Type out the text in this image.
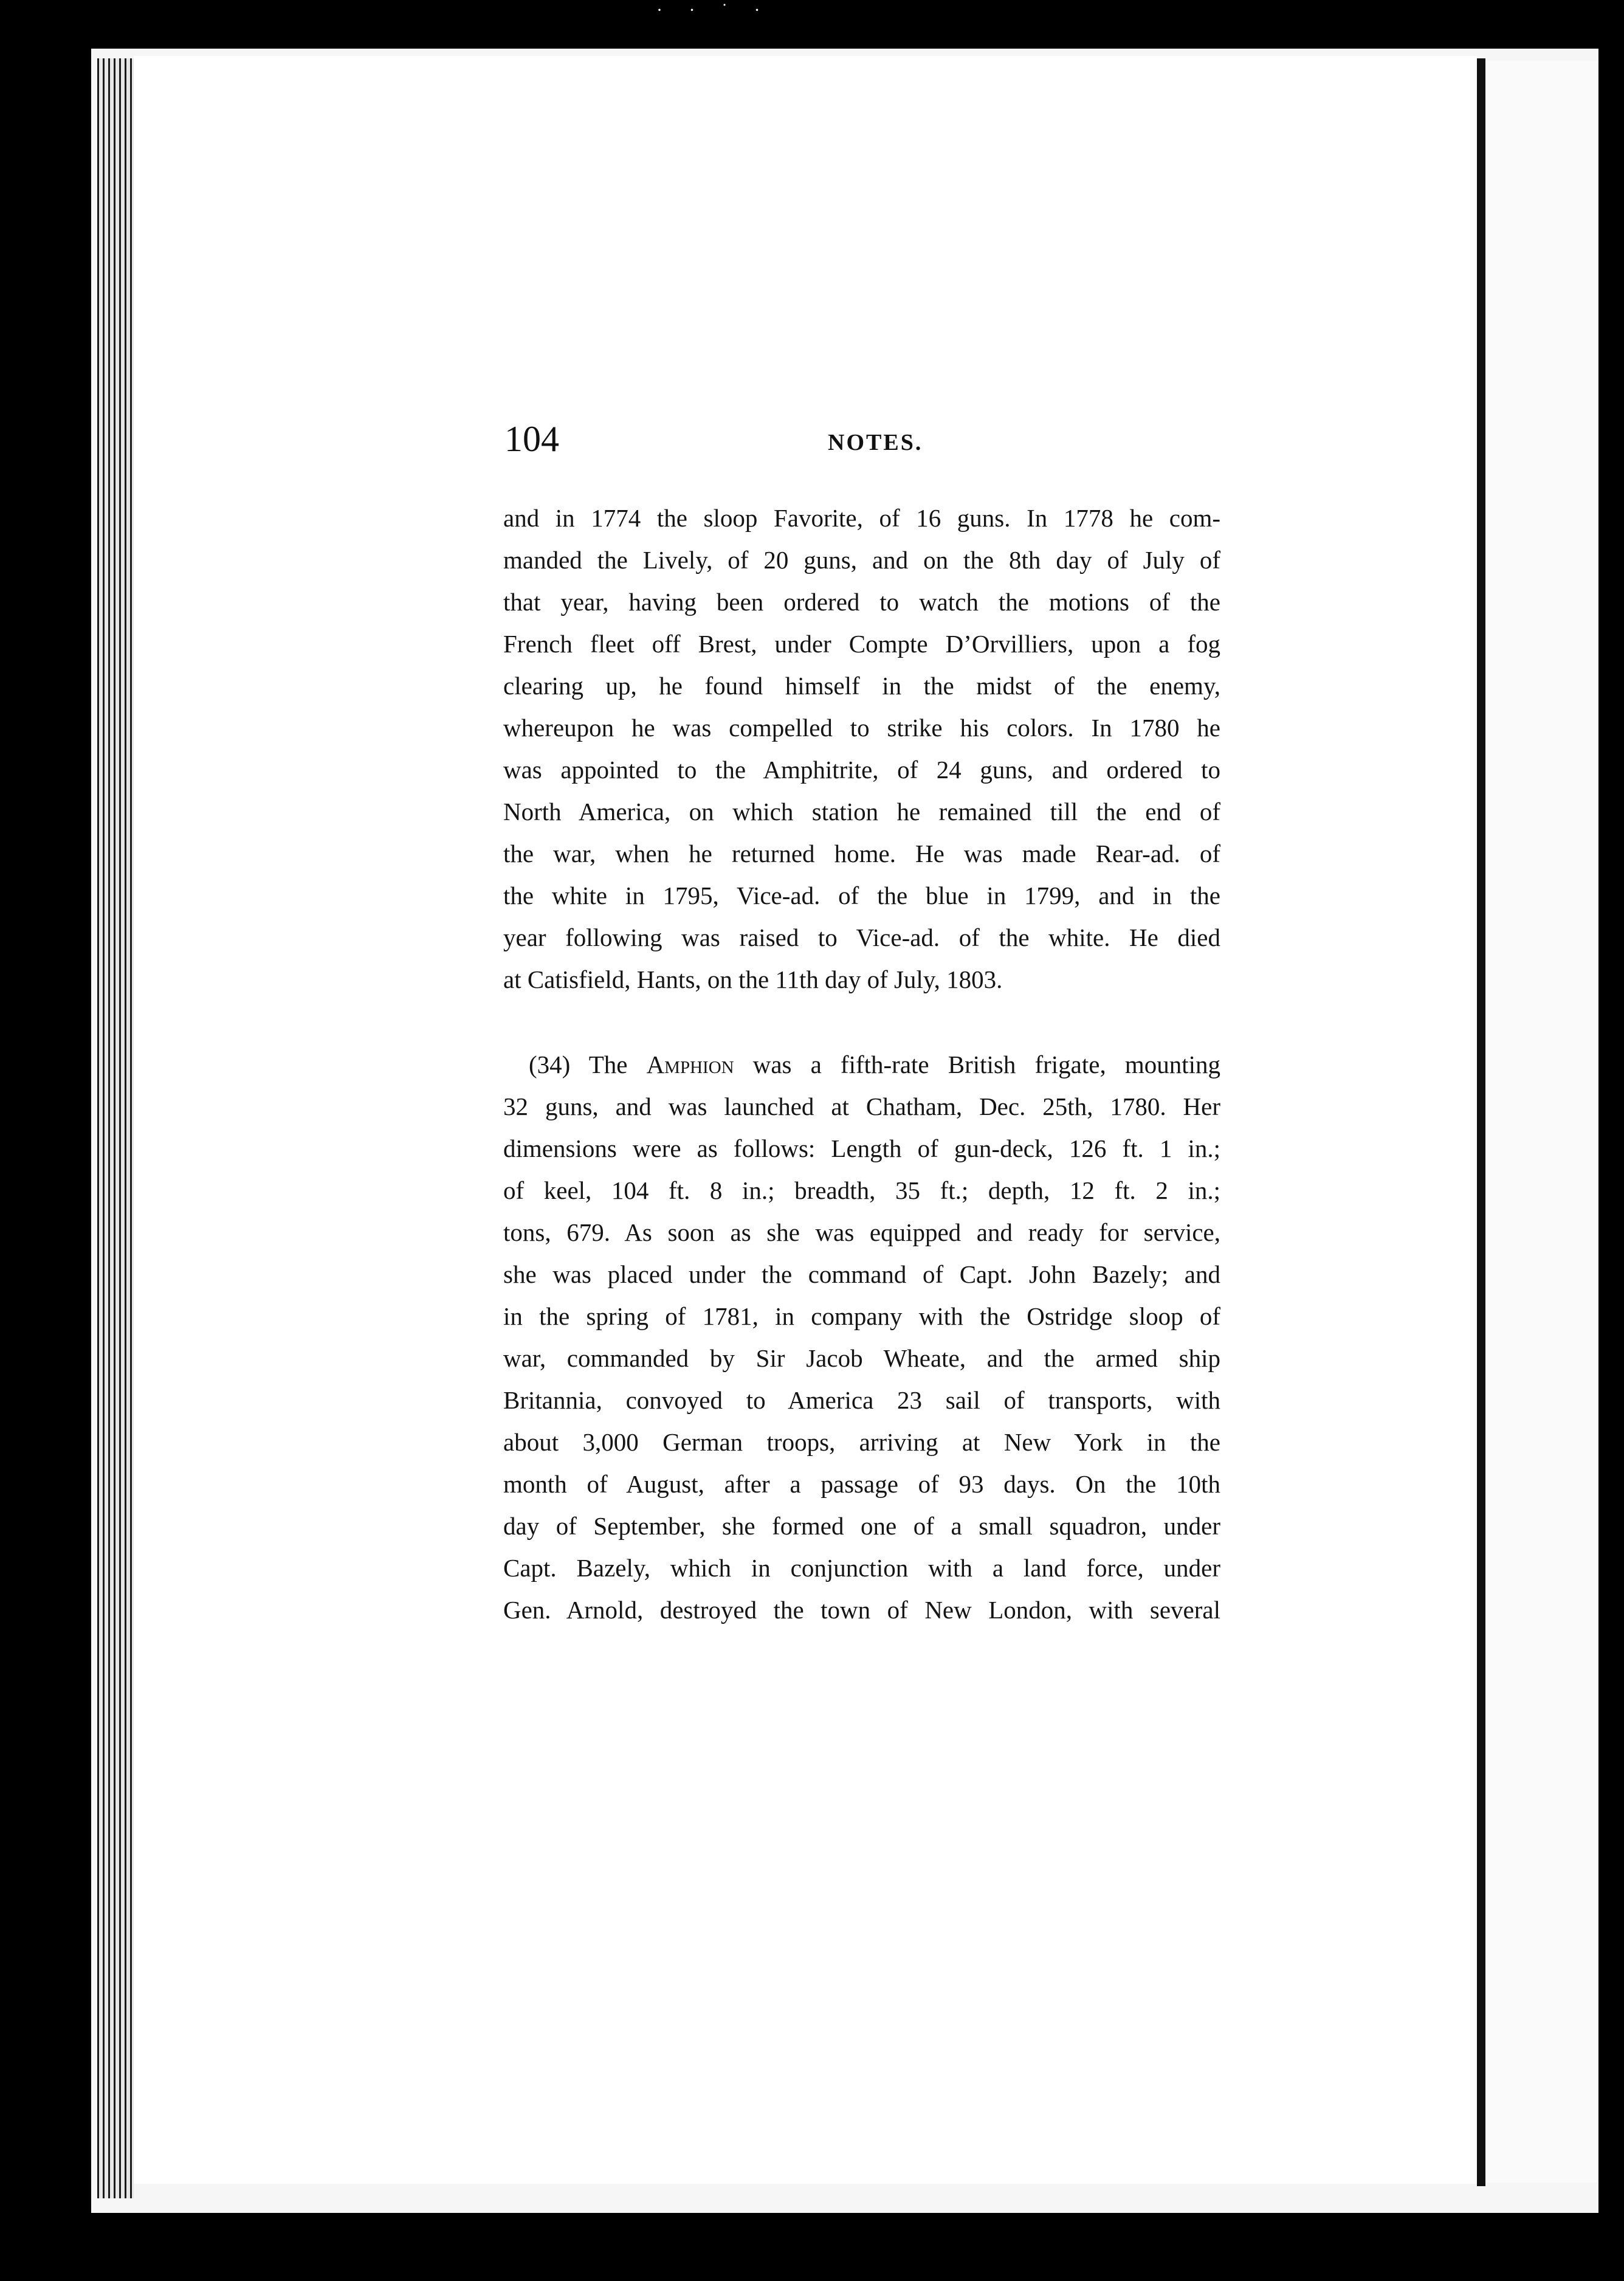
· · ˙ ·
104	NOTES.
and in 1774 the sloop Favorite, of 16 guns. In 1778 he com-
manded the Lively, of 20 guns, and on the 8th day of July of
that year, having been ordered to watch the motions of the
French fleet off Brest, under Compte D’Orvilliers, upon a fog
clearing up, he found himself in the midst of the enemy,
whereupon he was compelled to strike his colors. In 1780 he
was appointed to the Amphitrite, of 24 guns, and ordered to
North America, on which station he remained till the end of
the war, when he returned home. He was made Rear-ad. of
the white in 1795, Vice-ad. of the blue in 1799, and in the
year following was raised to Vice-ad. of the white. He died
at Catisfield, Hants, on the 11th day of July, 1803.
(34) The Amphion was a fifth-rate British frigate, mounting
32 guns, and was launched at Chatham, Dec. 25th, 1780. Her
dimensions were as follows: Length of gun-deck, 126 ft. 1 in.;
of keel, 104 ft. 8 in.; breadth, 35 ft.; depth, 12 ft. 2 in.;
tons, 679. As soon as she was equipped and ready for service,
she was placed under the command of Capt. John Bazely; and
in the spring of 1781, in company with the Ostridge sloop of
war, commanded by Sir Jacob Wheate, and the armed ship
Britannia, convoyed to America 23 sail of transports, with
about 3,000 German troops, arriving at New York in the
month of August, after a passage of 93 days. On the 10th
day of September, she formed one of a small squadron, under
Capt. Bazely, which in conjunction with a land force, under
Gen. Arnold, destroyed the town of New London, with several
